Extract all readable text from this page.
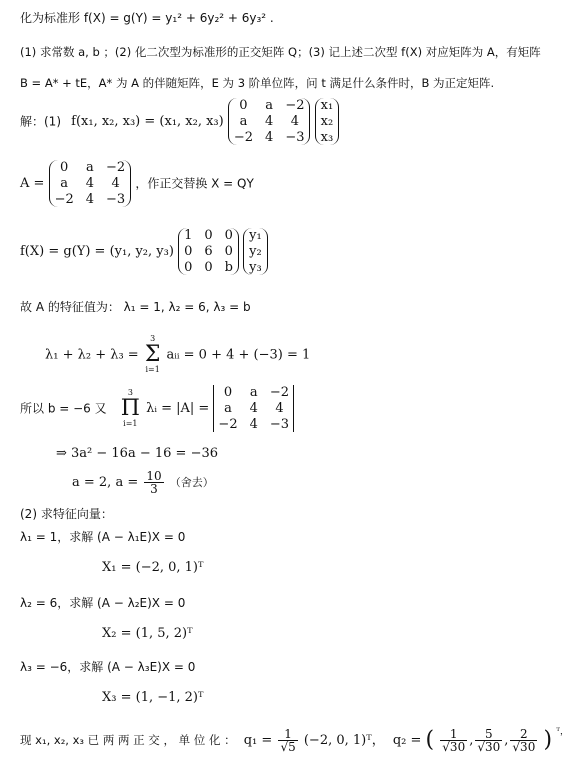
化为标准形 f(X) = g(Y) = y₁² + 6y₂² + 6y₃² .
(1) 求常数 a, b ；(2) 化二次型为标准形的正交矩阵 Q；(3) 记上述二次型 f(X) 对应矩阵为 A，有矩阵
B = A* + tE，A* 为 A 的伴随矩阵，E 为 3 阶单位阵，问 t 满足什么条件时，B 为正定矩阵.
解：(1) f(x₁, x₂, x₃) = (x₁, x₂, x₃)
0	a −2
a	4	4
−2 4 −3

x₁
x₂
x₃
A =
0	a −2
a	4	4
−2 4 −3
，作正交替换 X = QY
f(X) = g(Y) = (y₁, y₂, y₃)
1 0 0
0 6 0
0 0 b

y₁
y₂
y₃
故 A 的特征值为： λ₁ = 1, λ₂ = 6, λ₃ = b
λ₁ + λ₂ + λ₃ =
3
Σ
i=1
aᵢᵢ = 0 + 4 + (−3) = 1
所以 b = −6 又
3
Π
i=1
λᵢ = |A| =
0	a −2
a	4	4
−2 4 −3
⇒ 3a² − 16a − 16 = −36
a = 2, $a = \frac{10}{3}$ （舍去）
(2) 求特征向量：
λ₁ = 1，求解 (A − λ₁E)X = 0
X₁ = (−2, 0, 1)ᵀ
λ₂ = 6，求解 (A − λ₂E)X = 0
X₂ = (1, 5, 2)ᵀ
λ₃ = −6，求解 (A − λ₃E)X = 0
X₃ = (1, −1, 2)ᵀ
现 x₁, x₂, x₃ 已 两 两 正 交 ， 单 位 化 ： $q_1 = \frac{1}{√5} (-2$, 0, 1)ᵀ， q₂ = ( $\frac{1}{√30}$ , $\frac{5}{√30}$ , $\frac{2}{√30}$ ) $^{ᵀ,}$
